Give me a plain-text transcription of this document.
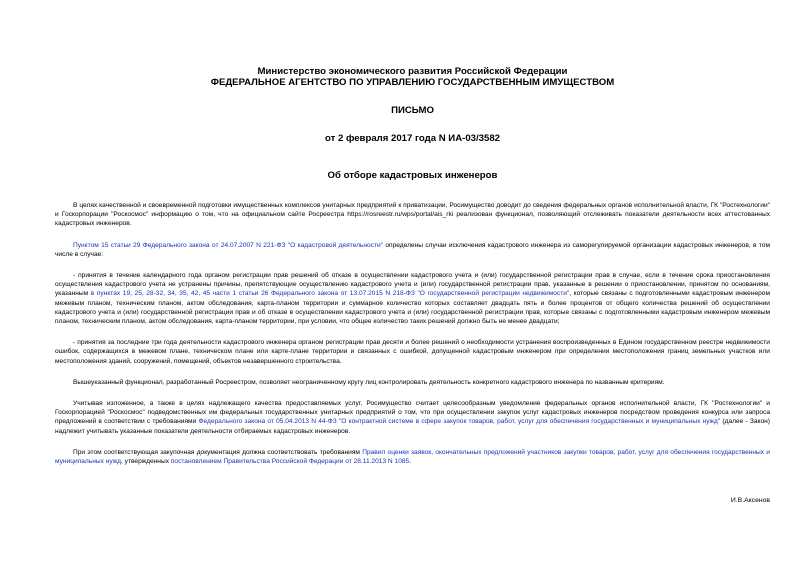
Министерство экономического развития Российской Федерации
ФЕДЕРАЛЬНОЕ АГЕНТСТВО ПО УПРАВЛЕНИЮ ГОСУДАРСТВЕННЫМ ИМУЩЕСТВОМ
ПИСЬМО
от 2 февраля 2017 года N ИА-03/3582
Об отборе кадастровых инженеров

В целях качественной и своевременной подготовки имущественных комплексов унитарных предприятий к приватизации, Росимущество доводит до сведения федеральных органов исполнительной власти, ГК "Ростехнологии" и Госкорпорации "Роскосмос" информацию о том, что на официальном сайте Росреестра https://rosreestr.ru/wps/portal/ais_rki реализован функционал, позволяющий отслеживать показатели деятельности всех аттестованных кадастровых инженеров.

Пунктом 15 статьи 29 Федерального закона от 24.07.2007 N 221-ФЗ "О кадастровой деятельности" определены случаи исключения кадастрового инженера из саморегулируемой организации кадастровых инженеров, в том числе в случае:

- принятия в течение календарного года органом регистрации прав решений об отказе в осуществлении кадастрового учета и (или) государственной регистрации прав в случае, если в течение срока приостановления осуществления кадастрового учета не устранены причины, препятствующие осуществлению кадастрового учета и (или) государственной регистрации прав, указанные в решении о приостановлении, принятом по основаниям, указанным в пунктах 19, 25, 28-32, 34, 35, 42, 45 части 1 статьи 26 Федерального закона от 13.07.2015 N 218-ФЗ "О государственной регистрации недвижимости", которые связаны с подготовленными кадастровым инженером межевым планом, техническим планом, актом обследования, карта-планом территории и суммарное количество которых составляет двадцать пять и более процентов от общего количества решений об осуществлении кадастрового учета и (или) государственной регистрации прав и об отказе в осуществлении кадастрового учета и (или) государственной регистрации прав, которые связаны с подготовленными кадастровым инженером межевым планом, техническим планом, актом обследования, карта-планом территории, при условии, что общее количество таких решений должно быть не менее двадцати;

- принятия за последние три года деятельности кадастрового инженера органом регистрации прав десяти и более решений о необходимости устранения воспроизведенных в Едином государственном реестре недвижимости ошибок, содержащихся в межевом плане, техническом плане или карте-плане территории и связанных с ошибкой, допущенной кадастровым инженером при определении местоположения границ земельных участков или местоположения зданий, сооружений, помещений, объектов незавершенного строительства.

Вышеуказанный функционал, разработанный Росреестром, позволяет неограниченному кругу лиц контролировать деятельность конкретного кадастрового инженера по названным критериям.

Учитывая изложенное, а также в целях надлежащего качества предоставляемых услуг, Росимущество считает целесообразным уведомление федеральных органов исполнительной власти, ГК "Ростехнологии" и Госкорпорацией "Роскосмос" подведомственных им федеральных государственных унитарных предприятий о том, что при осуществлении закупок услуг кадастровых инженеров посредством проведения конкурса или запроса предложений в соответствии с требованиями Федерального закона от 05.04.2013 N 44-ФЗ "О контрактной системе в сфере закупок товаров, работ, услуг для обеспечения государственных и муниципальных нужд" (далее - Закон) надлежит учитывать указанные показатели деятельности отбираемых кадастровых инженеров.

При этом соответствующая закупочная документация должна соответствовать требованиям Правил оценки заявок, окончательных предложений участников закупки товаров, работ, услуг для обеспечения государственных и муниципальных нужд, утвержденных постановлением Правительства Российской Федерации от 28.11.2013 N 1085.

И.В.Аксенов
